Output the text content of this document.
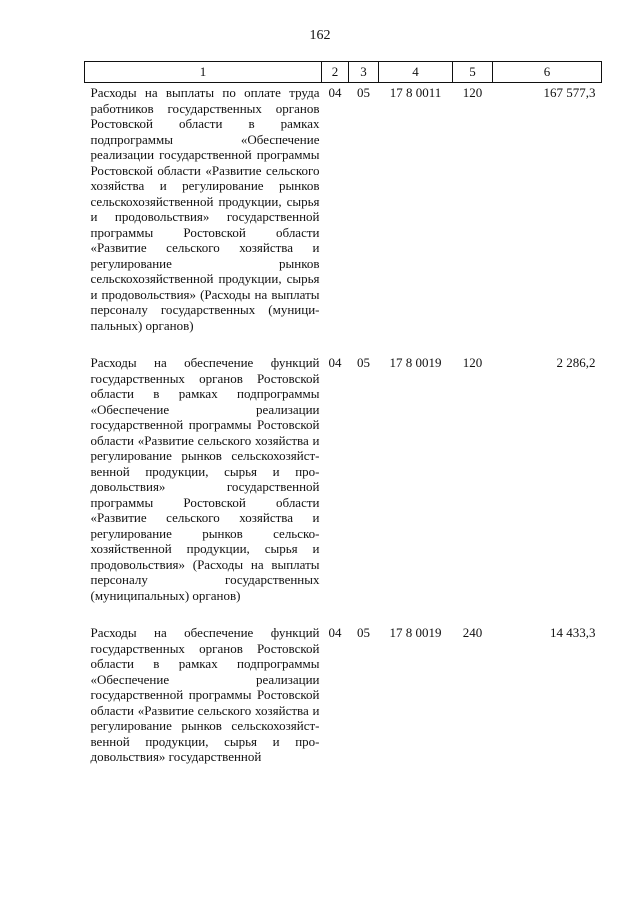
162
1	2	3	4	5	6
Расходы на выплаты по оплате труда работников государственных органов Ростовской области в рамках подпрограммы «Обеспечение реализации государственной программы Ростовской области «Развитие сельского хозяйства и регулирование рынков сельскохозяйственной продукции, сырья и продовольствия» государственной программы Ростовской области «Развитие сельского хозяйства и регулирование рынков сельскохозяйственной продукции, сырья и продовольствия» (Расходы на выплаты персоналу государственных (муниципальных) органов)	04	05	17 8 0011	120	167 577,3
Расходы на обеспечение функций государственных органов Ростовской области в рамках подпрограммы «Обеспечение реализации государственной программы Ростовской области «Развитие сельского хозяйства и регулирование рынков сельскохозяйственной продукции, сырья и продовольствия» государственной программы Ростовской области «Развитие сельского хозяйства и регулирование рынков сельскохозяйственной продукции, сырья и продовольствия» (Расходы на выплаты персоналу государственных (муниципальных) органов)	04	05	17 8 0019	120	2 286,2
Расходы на обеспечение функций государственных органов Ростовской области в рамках подпрограммы «Обеспечение реализации государственной программы Ростовской области «Развитие сельского хозяйства и регулирование рынков сельскохозяйственной продукции, сырья и продовольствия» государственной	04	05	17 8 0019	240	14 433,3
